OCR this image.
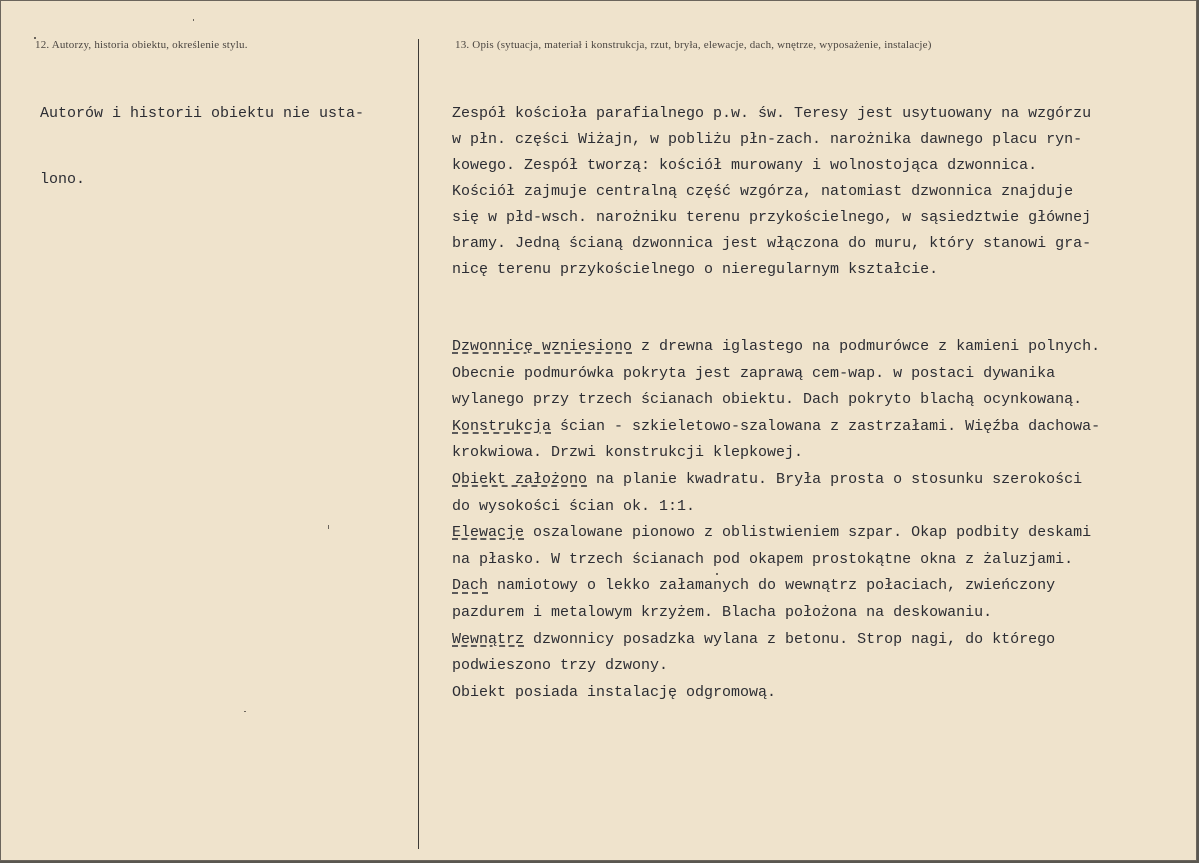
12. Autorzy, historia obiektu, określenie stylu.	13. Opis (sytuacja, materiał i konstrukcja, rzut, bryła, elewacje, dach, wnętrze, wyposażenie, instalacje)

Autorów i historii obiektu nie usta-

lono.

Zespół kościoła parafialnego p.w. św. Teresy jest usytuowany na wzgórzu
w płn. części Wiżajn, w pobliżu płn-zach. narożnika dawnego placu ryn-
kowego. Zespół tworzą: kościół murowany i wolnostojąca dzwonnica.
Kościół zajmuje centralną część wzgórza, natomiast dzwonnica znajduje
się w płd-wsch. narożniku terenu przykościelnego, w sąsiedztwie głównej
bramy. Jedną ścianą dzwonnica jest włączona do muru, który stanowi gra-
nicę terenu przykościelnego o nieregularnym kształcie.

Dzwonnicę wzniesiono z drewna iglastego na podmurówce z kamieni polnych.
Obecnie podmurówka pokryta jest zaprawą cem-wap. w postaci dywanika
wylanego przy trzech ścianach obiektu. Dach pokryto blachą ocynkowaną.
Konstrukcja ścian - szkieletowo-szalowana z zastrzałami. Więźba dachowa-
krokwiowa. Drzwi konstrukcji klepkowej.
Obiekt założono na planie kwadratu. Bryła prosta o stosunku szerokości
do wysokości ścian ok. 1:1.
Elewacje oszalowane pionowo z oblistwieniem szpar. Okap podbity deskami
na płasko. W trzech ścianach pod okapem prostokątne okna z żaluzjami.
Dach namiotowy o lekko załamanych do wewnątrz połaciach, zwieńczony
pazdurem i metalowym krzyżem. Blacha położona na deskowaniu.
Wewnątrz dzwonnicy posadzka wylana z betonu. Strop nagi, do którego
podwieszono trzy dzwony.
Obiekt posiada instalację odgromową.
